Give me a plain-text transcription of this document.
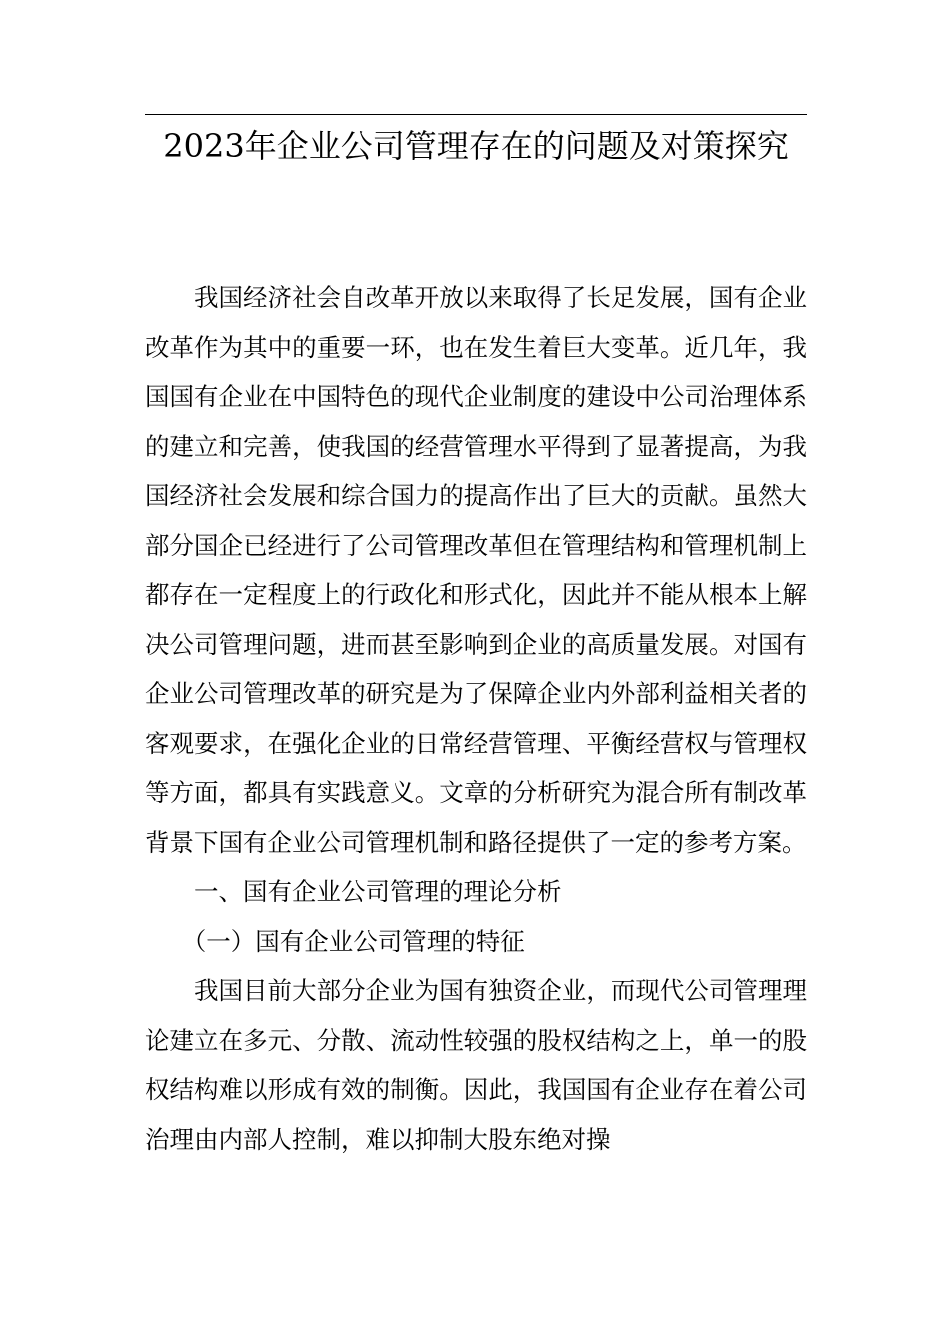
2023年企业公司管理存在的问题及对策探究

我国经济社会自改革开放以来取得了长足发展，国有企业改革作为其中的重要一环，也在发生着巨大变革。近几年，我国国有企业在中国特色的现代企业制度的建设中公司治理体系的建立和完善，使我国的经营管理水平得到了显著提高，为我国经济社会发展和综合国力的提高作出了巨大的贡献。虽然大部分国企已经进行了公司管理改革但在管理结构和管理机制上都存在一定程度上的行政化和形式化，因此并不能从根本上解决公司管理问题，进而甚至影响到企业的高质量发展。对国有企业公司管理改革的研究是为了保障企业内外部利益相关者的客观要求，在强化企业的日常经营管理、平衡经营权与管理权等方面，都具有实践意义。文章的分析研究为混合所有制改革背景下国有企业公司管理机制和路径提供了一定的参考方案。

一、国有企业公司管理的理论分析

（一）国有企业公司管理的特征

我国目前大部分企业为国有独资企业，而现代公司管理理论建立在多元、分散、流动性较强的股权结构之上，单一的股权结构难以形成有效的制衡。因此，我国国有企业存在着公司治理由内部人控制，难以抑制大股东绝对操
